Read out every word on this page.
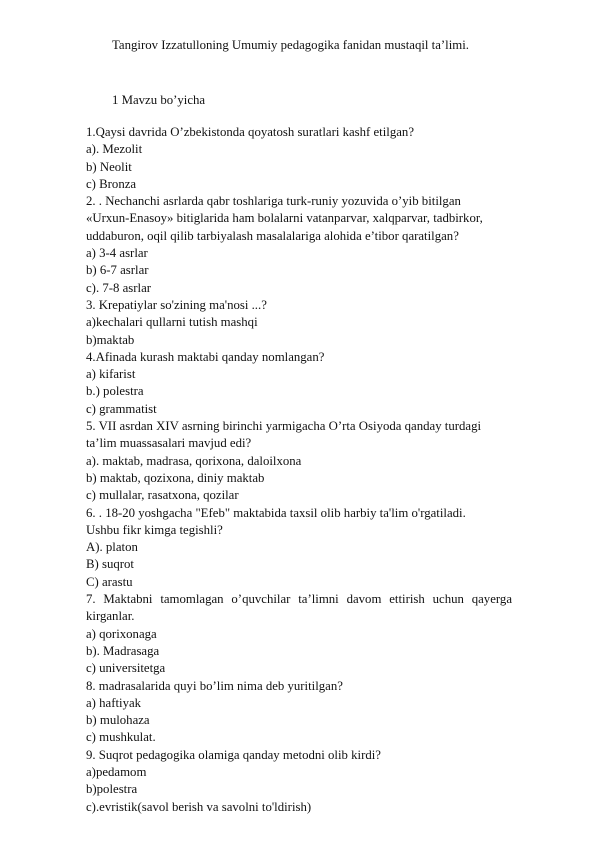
Tangirov Izzatulloning Umumiy pedagogika fanidan mustaqil ta’limi.
1 Mavzu bo’yicha
1.Qaysi davrida O’zbekistonda qoyatosh suratlari kashf etilgan?
a). Mezolit
b) Neolit
c) Bronza
2. . Nechanchi asrlarda qabr toshlariga turk-runiy yozuvida o’yib bitilgan
«Urxun-Enasoy» bitiglarida ham bolalarni vatanparvar, xalqparvar, tadbirkor,
uddaburon, oqil qilib tarbiyalash masalalariga alohida e’tibor qaratilgan?
a) 3-4 asrlar
b) 6-7 asrlar
c). 7-8 asrlar
3. Krepatiylar so'zining ma'nosi ...?
a)kechalari qullarni tutish mashqi
b)maktab
4.Afinada kurash maktabi qanday nomlangan?
a) kifarist
b.) polestra
c) grammatist
5. VII asrdan XIV asrning birinchi yarmigacha O’rta Osiyoda qanday turdagi
ta’lim muassasalari mavjud edi?
a). maktab, madrasa, qorixona, daloilxona
b) maktab, qozixona, diniy maktab
c) mullalar, rasatxona, qozilar
6. . 18-20 yoshgacha "Efeb" maktabida taxsil olib harbiy ta'lim o'rgatiladi.
Ushbu fikr kimga tegishli?
A). platon
B) suqrot
C) arastu
7. Maktabni tamomlagan o’quvchilar ta’limni davom ettirish uchun qayerga
kirganlar.
a) qorixonaga
b). Madrasaga
c) universitetga
8. madrasalarida quyi bo’lim nima deb yuritilgan?
a) haftiyak
b) mulohaza
c) mushkulat.
9. Suqrot pedagogika olamiga qanday metodni olib kirdi?
a)pedamom
b)polestra
c).evristik(savol berish va savolni to'ldirish)
